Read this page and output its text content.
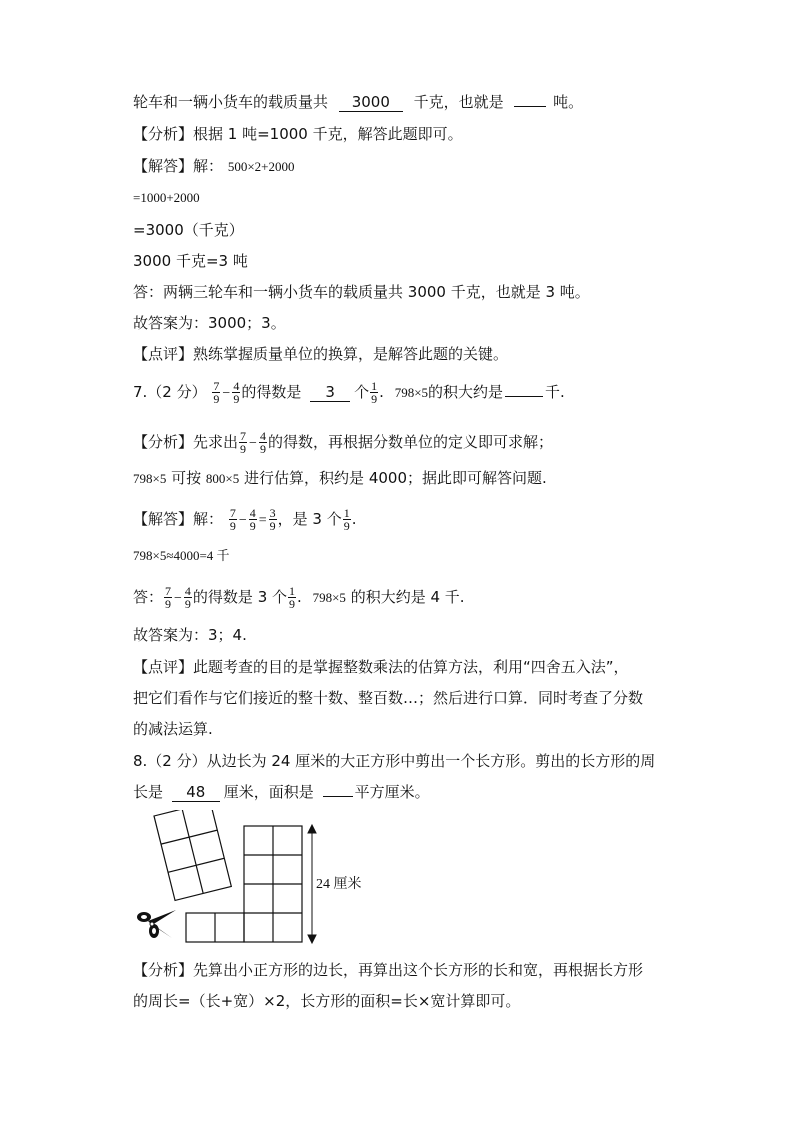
轮车和一辆小货车的载质量共 3000 千克，也就是	吨。
【分析】根据 1 吨=1000 千克，解答此题即可。
【解答】解： 500×2+2000
=1000+2000
=3000（千克）
3000 千克=3 吨
答：两辆三轮车和一辆小货车的载质量共 3000 千克，也就是 3 吨。
故答案为：3000；3。
【点评】熟练掌握质量单位的换算，是解答此题的关键。
7.（2 分） $\frac{7}{9} - \frac{4}{9}$ 的得数是 3 个 $\frac{1}{9}$ . 798×5的积大约是	千.
【分析】先求出 $\frac{7}{9} - \frac{4}{9}$ 的得数，再根据分数单位的定义即可求解；
798×5 可按 800×5 进行估算，积约是 4000；据此即可解答问题.
【解答】解： $\frac{7}{9} - \frac{4}{9} = \frac{3}{9}$ ，是 3 个 $\frac{1}{9}$ .
798×5≈4000=4 千
答： $\frac{7}{9} - \frac{4}{9}$ 的得数是 3 个 $\frac{1}{9}$ . 798×5 的积大约是 4 千.
故答案为：3；4.
【点评】此题考查的目的是掌握整数乘法的估算方法，利用“四舍五入法”，
把它们看作与它们接近的整十数、整百数…；然后进行口算．同时考查了分数
的减法运算.
8.（2 分）从边长为 24 厘米的大正方形中剪出一个长方形。剪出的长方形的周
长是 48 厘米，面积是	平方厘米。
24 厘米
【分析】先算出小正方形的边长，再算出这个长方形的长和宽，再根据长方形
的周长=（长+宽）×2，长方形的面积=长×宽计算即可。
